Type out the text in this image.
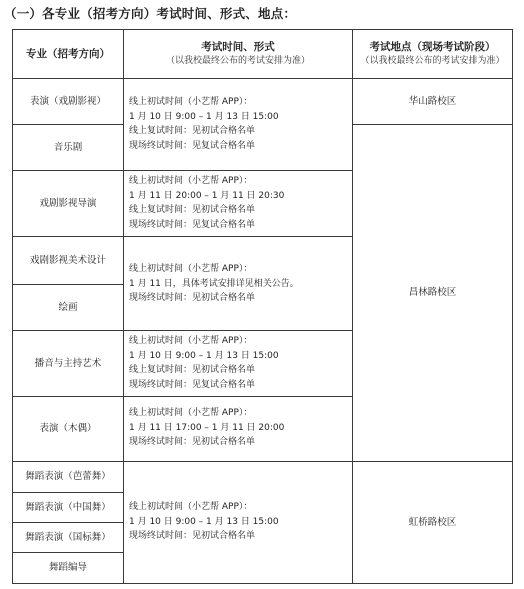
（一）各专业（招考方向）考试时间、形式、地点：
专业（招考方向）
考试时间、形式
（以我校最终公布的考试安排为准）
考试地点（现场考试阶段）
（以我校最终公布的考试安排为准）
表演（戏剧影视）
音乐剧
戏剧影视导演
戏剧影视美术设计
绘画
播音与主持艺术
表演（木偶）
舞蹈表演（芭蕾舞）
舞蹈表演（中国舞）
舞蹈表演（国标舞）
舞蹈编导
线上初试时间（小艺帮 APP）：
1 月 10 日 9:00 – 1 月 13 日 15:00
线上复试时间：见初试合格名单
现场终试时间：见复试合格名单
线上初试时间（小艺帮 APP）：
1 月 11 日 20:00 – 1 月 11 日 20:30
线上复试时间：见初试合格名单
现场终试时间：见复试合格名单
线上初试时间（小艺帮 APP）：
1 月 11 日，具体考试安排详见相关公告。
现场终试时间：见初试合格名单
线上初试时间（小艺帮 APP）：
1 月 10 日 9:00 – 1 月 13 日 15:00
线上复试时间：见初试合格名单
现场终试时间：见复试合格名单
线上初试时间（小艺帮 APP）：
1 月 11 日 17:00 – 1 月 11 日 20:00
现场终试时间：见初试合格名单
线上初试时间（小艺帮 APP）：
1 月 10 日 9:00 – 1 月 13 日 15:00
现场终试时间：见初试合格名单
华山路校区
昌林路校区
虹桥路校区
